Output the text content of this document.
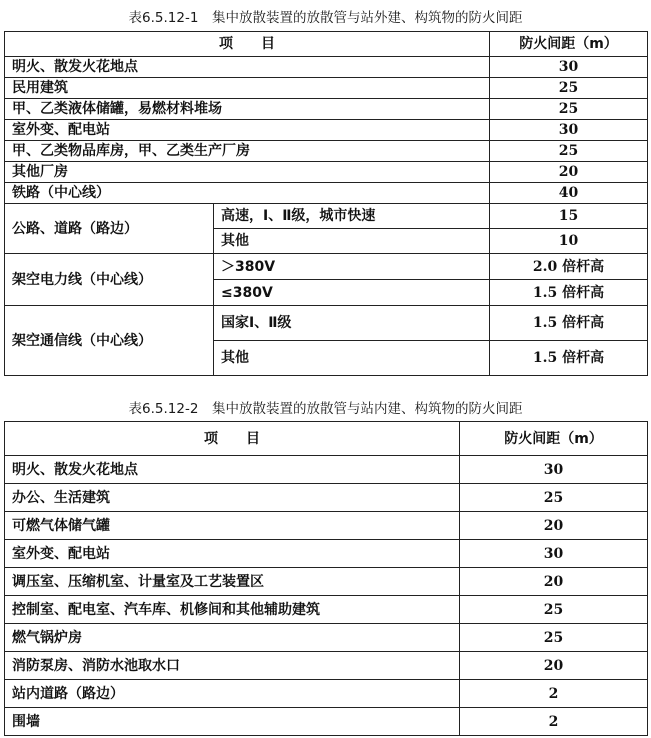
表6.5.12-1　集中放散装置的放散管与站外建、构筑物的防火间距
项　　目		防火间距（m）
明火、散发火花地点		30
民用建筑		25
甲、乙类液体储罐，易燃材料堆场		25
室外变、配电站		30
甲、乙类物品库房，甲、乙类生产厂房		25
其他厂房		20
铁路（中心线）		40
公路、道路（路边）	高速，Ⅰ、Ⅱ级，城市快速	15
	其他	10
架空电力线（中心线）	＞380V	2.0 倍杆高
	≤380V	1.5 倍杆高
架空通信线（中心线）	国家Ⅰ、Ⅱ级	1.5 倍杆高
	其他	1.5 倍杆高
表6.5.12-2　集中放散装置的放散管与站内建、构筑物的防火间距
项　　目	防火间距（m）
明火、散发火花地点	30
办公、生活建筑	25
可燃气体储气罐	20
室外变、配电站	30
调压室、压缩机室、计量室及工艺装置区	20
控制室、配电室、汽车库、机修间和其他辅助建筑	25
燃气锅炉房	25
消防泵房、消防水池取水口	20
站内道路（路边）	2
围墙	2
